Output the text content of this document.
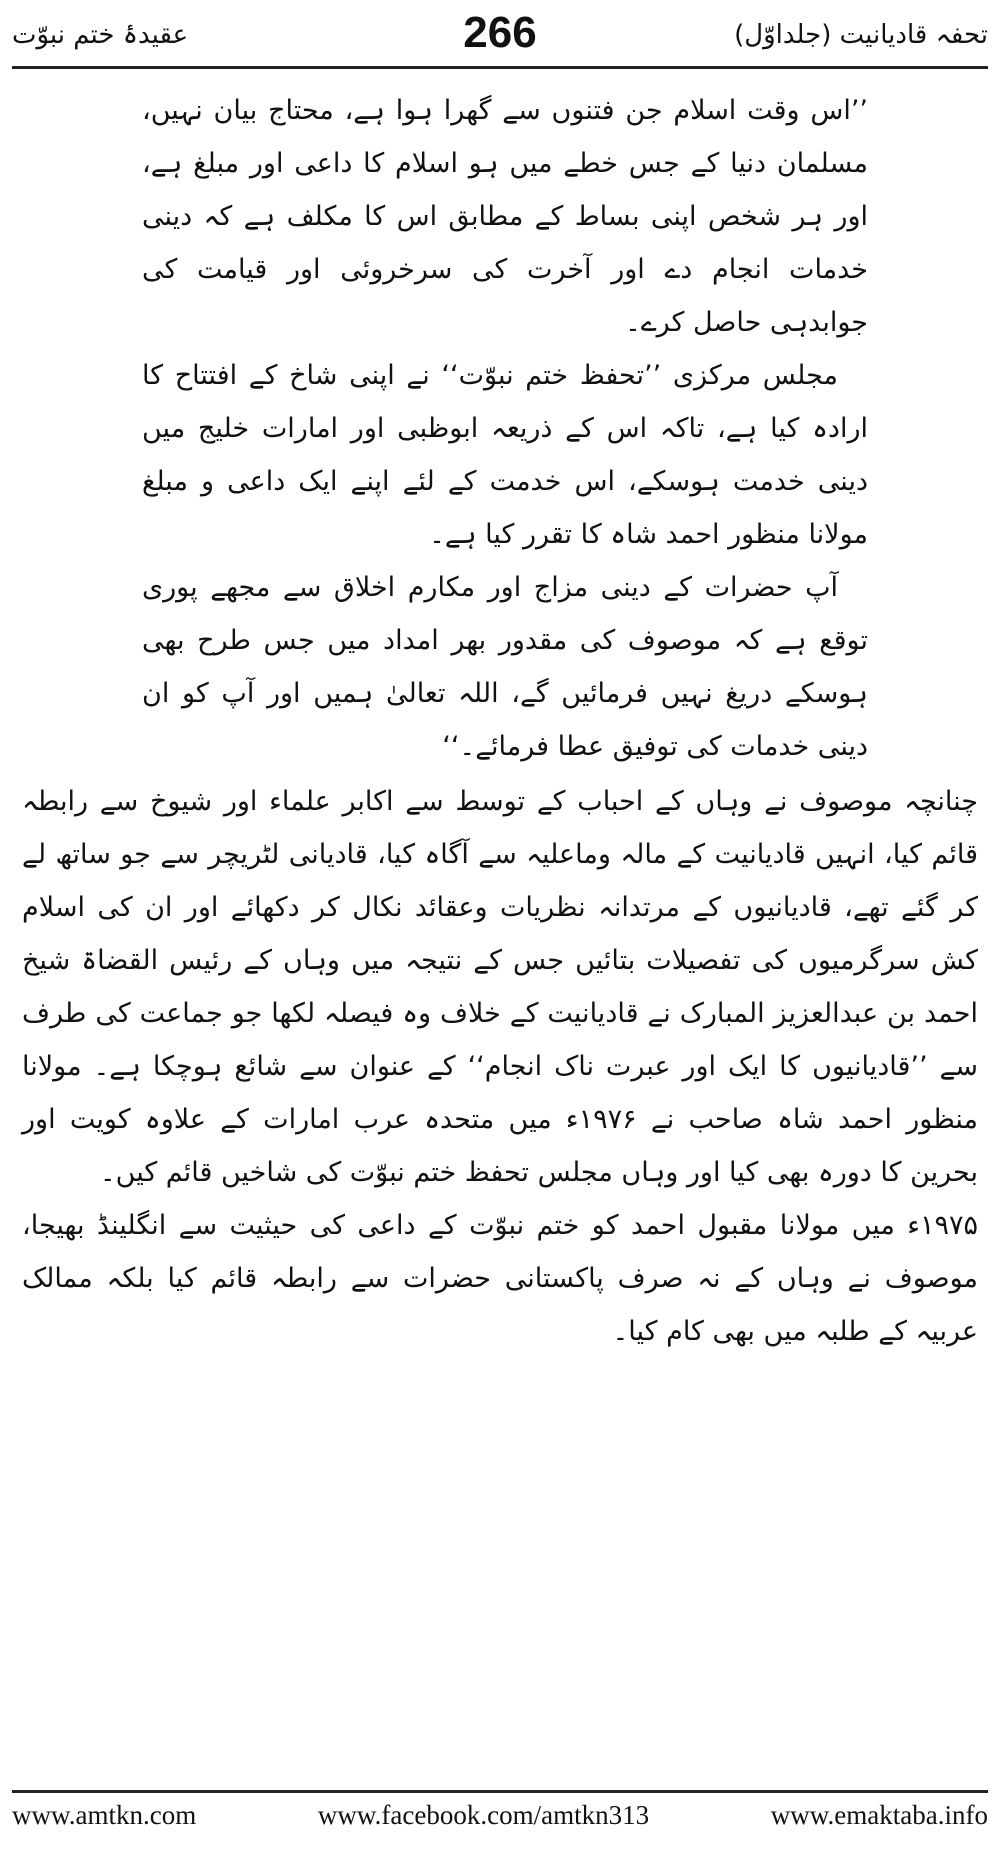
عقیدۂ ختم نبوّت	266	تحفہ قادیانیت (جلداوّل)

’’اس وقت اسلام جن فتنوں سے گھرا ہوا ہے، محتاج بیان نہیں، مسلمان دنیا کے جس خطے میں ہو اسلام کا داعی اور مبلغ ہے، اور ہر شخص اپنی بساط کے مطابق اس کا مکلف ہے کہ دینی خدمات انجام دے اور آخرت کی سرخروئی اور قیامت کی جوابدہی حاصل کرے۔

مجلس مرکزی ’’تحفظ ختم نبوّت‘‘ نے اپنی شاخ کے افتتاح کا ارادہ کیا ہے، تاکہ اس کے ذریعہ ابوظبی اور امارات خلیج میں دینی خدمت ہوسکے، اس خدمت کے لئے اپنے ایک داعی و مبلغ مولانا منظور احمد شاہ کا تقرر کیا ہے۔

آپ حضرات کے دینی مزاج اور مکارم اخلاق سے مجھے پوری توقع ہے کہ موصوف کی مقدور بھر امداد میں جس طرح بھی ہوسکے دریغ نہیں فرمائیں گے، اللہ تعالیٰ ہمیں اور آپ کو ان دینی خدمات کی توفیق عطا فرمائے۔‘‘

چنانچہ موصوف نے وہاں کے احباب کے توسط سے اکابر علماء اور شیوخ سے رابطہ قائم کیا، انہیں قادیانیت کے مالہ وماعلیہ سے آگاہ کیا، قادیانی لٹریچر سے جو ساتھ لے کر گئے تھے، قادیانیوں کے مرتدانہ نظریات وعقائد نکال کر دکھائے اور ان کی اسلام کش سرگرمیوں کی تفصیلات بتائیں جس کے نتیجہ میں وہاں کے رئیس القضاۃ شیخ احمد بن عبدالعزیز المبارک نے قادیانیت کے خلاف وہ فیصلہ لکھا جو جماعت کی طرف سے ’’قادیانیوں کا ایک اور عبرت ناک انجام‘‘ کے عنوان سے شائع ہوچکا ہے۔ مولانا منظور احمد شاہ صاحب نے ۱۹۷۶ء میں متحدہ عرب امارات کے علاوہ کویت اور بحرین کا دورہ بھی کیا اور وہاں مجلس تحفظ ختم نبوّت کی شاخیں قائم کیں۔

۱۹۷۵ء میں مولانا مقبول احمد کو ختم نبوّت کے داعی کی حیثیت سے انگلینڈ بھیجا، موصوف نے وہاں کے نہ صرف پاکستانی حضرات سے رابطہ قائم کیا بلکہ ممالک عربیہ کے طلبہ میں بھی کام کیا۔

www.amtkn.com	www.facebook.com/amtkn313	www.emaktaba.info
